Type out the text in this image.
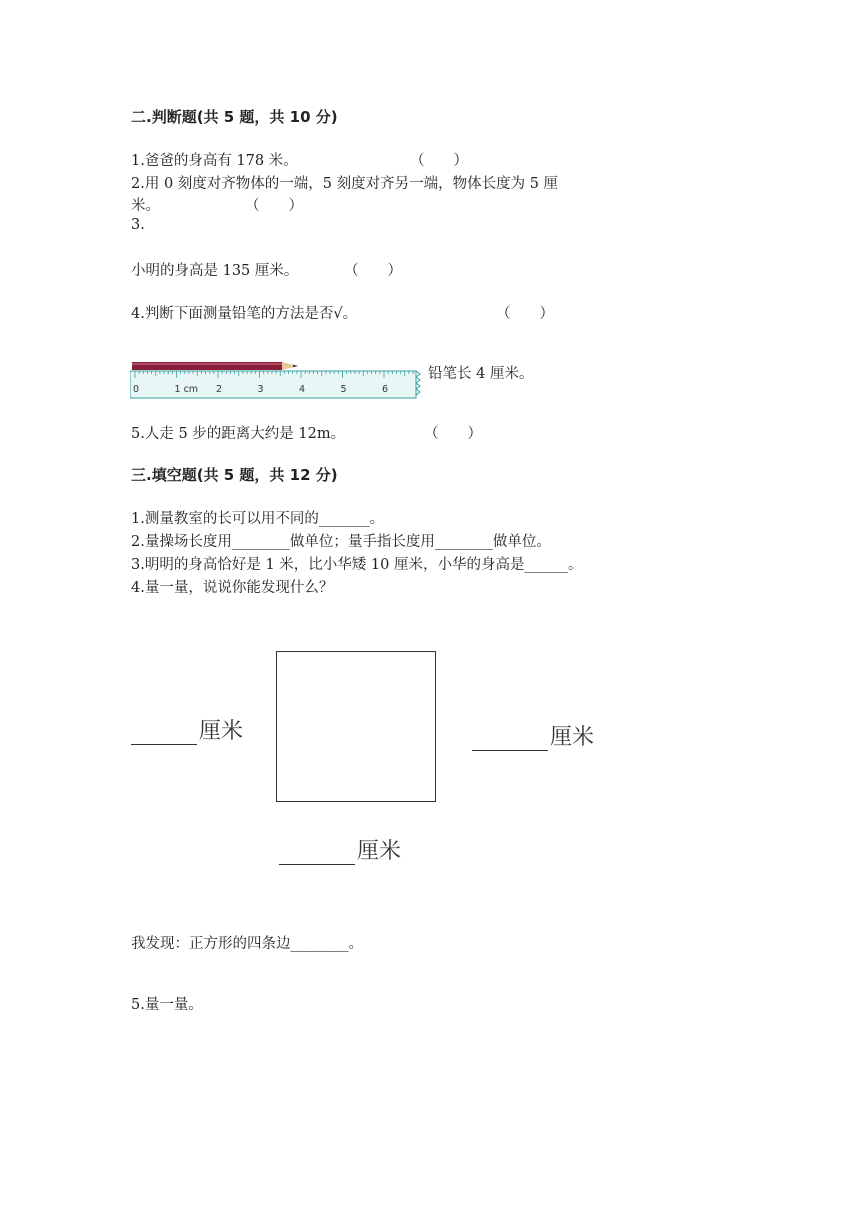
二.判断题(共 5 题，共 10 分)
1.爸爸的身高有 178 米。	（　　）
2.用 0 刻度对齐物体的一端，5 刻度对齐另一端，物体长度为 5 厘
米。	（　　）
3.
小明的身高是 135 厘米。	（　　）
4.判断下面测量铅笔的方法是否√。	（　　）
0	1 cm 2	3	4	5	6
铅笔长 4 厘米。
5.人走 5 步的距离大约是 12m。	（　　）
三.填空题(共 5 题，共 12 分)
1.测量教室的长可以用不同的_______。
2.量操场长度用________做单位；量手指长度用________做单位。
3.明明的身高恰好是 1 米，比小华矮 10 厘米，小华的身高是______。
4.量一量，说说你能发现什么？
厘米	厘米
厘米
我发现：正方形的四条边________。
5.量一量。
